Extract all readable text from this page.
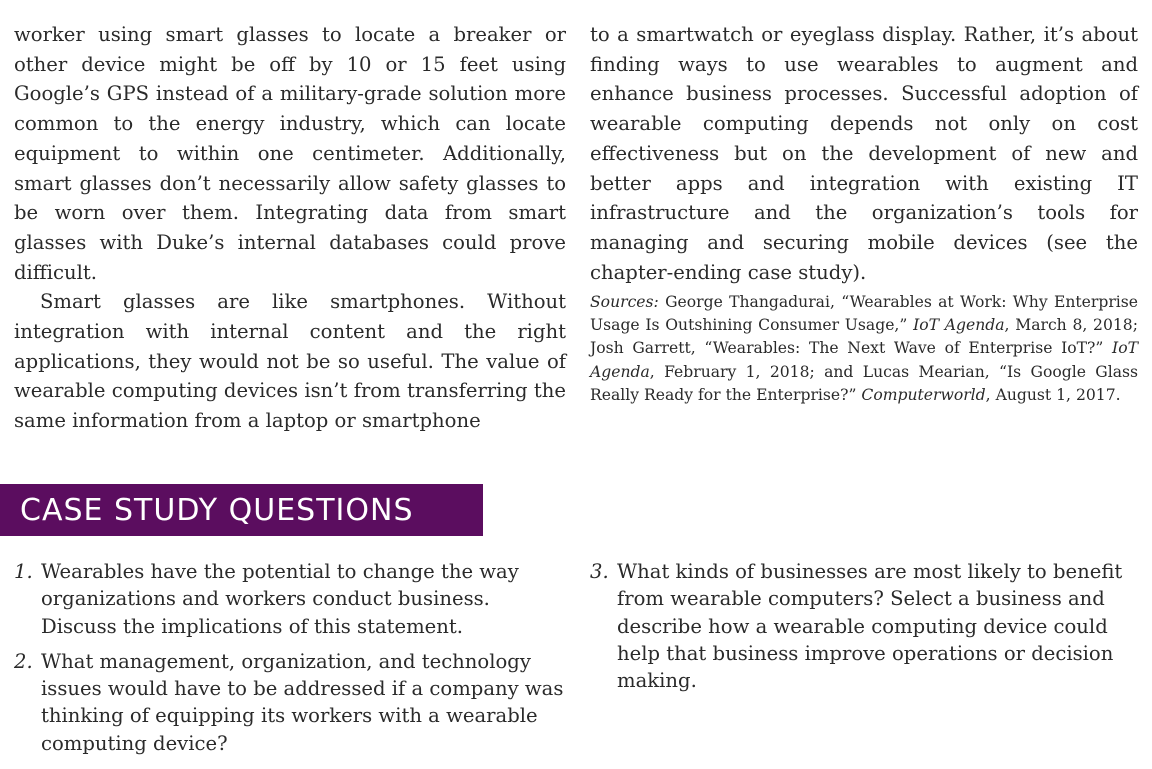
worker using smart glasses to locate a breaker or other device might be off by 10 or 15 feet using Google’s GPS instead of a military-grade solution more common to the energy industry, which can locate equipment to within one centimeter. Additionally, smart glasses don’t necessarily allow safety glasses to be worn over them. Integrating data from smart glasses with Duke’s internal databases could prove difficult.

Smart glasses are like smartphones. Without integration with internal content and the right applications, they would not be so useful. The value of wearable computing devices isn’t from transferring the same information from a laptop or smartphone

to a smartwatch or eyeglass display. Rather, it’s about finding ways to use wearables to augment and enhance business processes. Successful adoption of wearable computing depends not only on cost effectiveness but on the development of new and better apps and integration with existing IT infrastructure and the organization’s tools for managing and securing mobile devices (see the chapter-ending case study).

Sources: George Thangadurai, “Wearables at Work: Why Enterprise Usage Is Outshining Consumer Usage,” IoT Agenda, March 8, 2018; Josh Garrett, “Wearables: The Next Wave of Enterprise IoT?” IoT Agenda, February 1, 2018; and Lucas Mearian, “Is Google Glass Really Ready for the Enterprise?” Computerworld, August 1, 2017.

CASE STUDY QUESTIONS
1. Wearables have the potential to change the way organizations and workers conduct business. Discuss the implications of this statement.
2. What management, organization, and technology issues would have to be addressed if a company was thinking of equipping its workers with a wearable computing device?
3. What kinds of businesses are most likely to benefit from wearable computers? Select a business and describe how a wearable computing device could help that business improve operations or decision making.
